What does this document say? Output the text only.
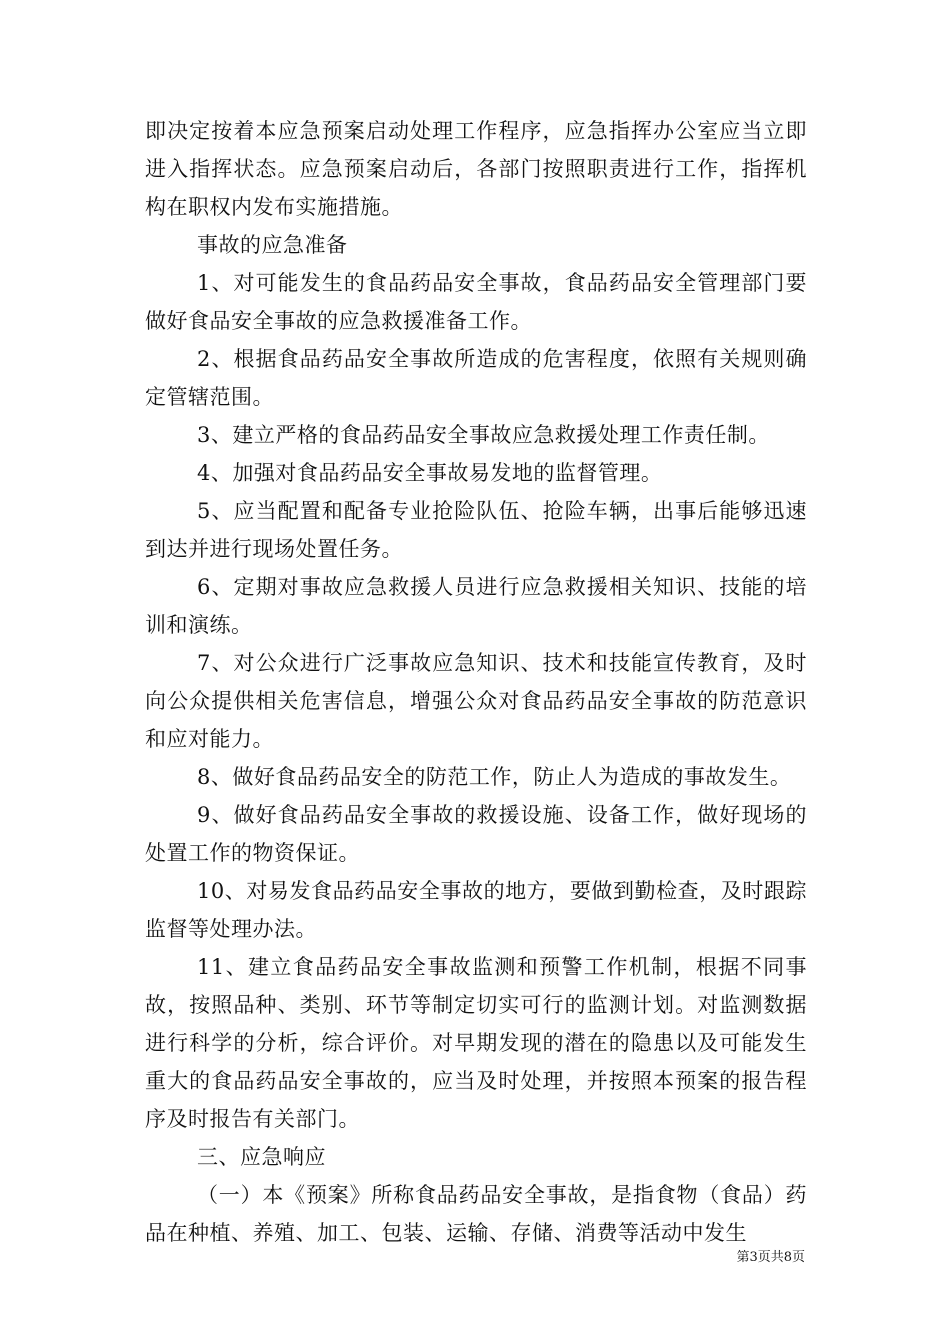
即决定按着本应急预案启动处理工作程序，应急指挥办公室应当立即进入指挥状态。应急预案启动后，各部门按照职责进行工作，指挥机构在职权内发布实施措施。

事故的应急准备

1、对可能发生的食品药品安全事故，食品药品安全管理部门要做好食品安全事故的应急救援准备工作。

2、根据食品药品安全事故所造成的危害程度，依照有关规则确定管辖范围。

3、建立严格的食品药品安全事故应急救援处理工作责任制。

4、加强对食品药品安全事故易发地的监督管理。

5、应当配置和配备专业抢险队伍、抢险车辆，出事后能够迅速到达并进行现场处置任务。

6、定期对事故应急救援人员进行应急救援相关知识、技能的培训和演练。

7、对公众进行广泛事故应急知识、技术和技能宣传教育，及时向公众提供相关危害信息，增强公众对食品药品安全事故的防范意识和应对能力。

8、做好食品药品安全的防范工作，防止人为造成的事故发生。

9、做好食品药品安全事故的救援设施、设备工作，做好现场的处置工作的物资保证。

10、对易发食品药品安全事故的地方，要做到勤检查，及时跟踪监督等处理办法。

11、建立食品药品安全事故监测和预警工作机制，根据不同事故，按照品种、类别、环节等制定切实可行的监测计划。对监测数据进行科学的分析，综合评价。对早期发现的潜在的隐患以及可能发生重大的食品药品安全事故的，应当及时处理，并按照本预案的报告程序及时报告有关部门。

三、应急响应

（一）本《预案》所称食品药品安全事故，是指食物（食品）药品在种植、养殖、加工、包装、运输、存储、消费等活动中发生

第3页共8页
